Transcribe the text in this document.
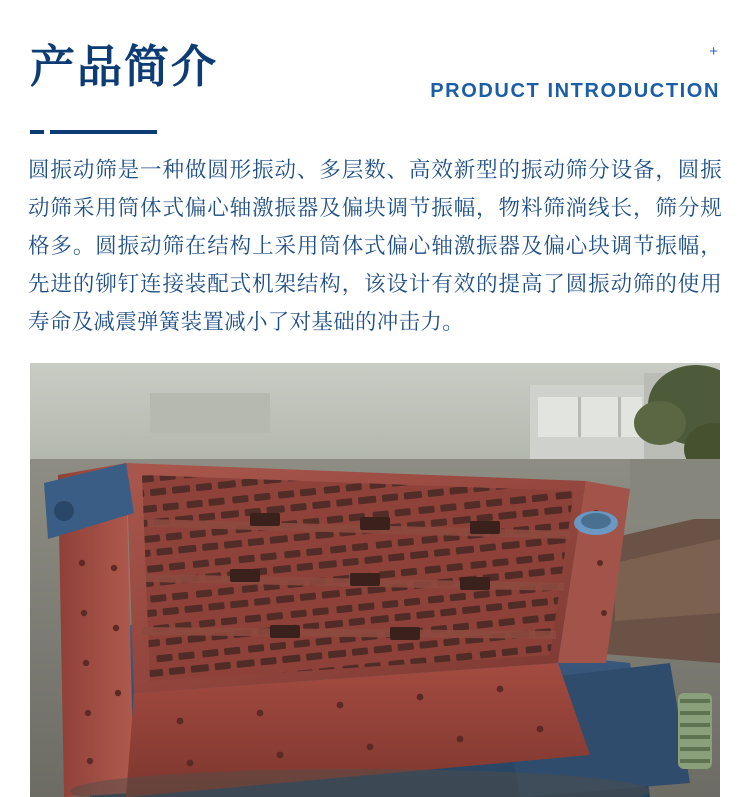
产品简介	+
PRODUCT INTRODUCTION
圆振动筛是一种做圆形振动、多层数、高效新型的振动筛分设备，圆振动筛采用筒体式偏心轴激振器及偏块调节振幅，物料筛淌线长，筛分规格多。圆振动筛在结构上采用筒体式偏心轴激振器及偏心块调节振幅，先进的铆钉连接装配式机架结构，该设计有效的提高了圆振动筛的使用寿命及减震弹簧装置减小了对基础的冲击力。
